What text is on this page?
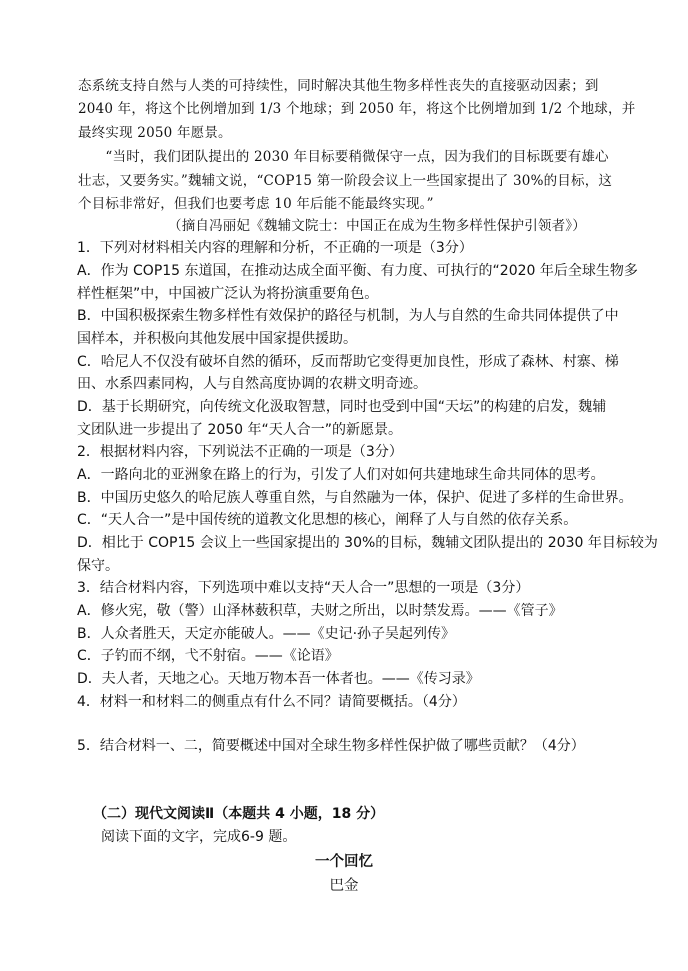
态系统支持自然与人类的可持续性，同时解决其他生物多样性丧失的直接驱动因素；到
2040 年，将这个比例增加到 1/3 个地球；到 2050 年，将这个比例增加到 1/2 个地球，并
最终实现 2050 年愿景。
　　“当时，我们团队提出的 2030 年目标要稍微保守一点，因为我们的目标既要有雄心
壮志，又要务实。”魏辅文说，“COP15 第一阶段会议上一些国家提出了 30%的目标，这
个目标非常好，但我们也要考虑 10 年后能不能最终实现。”
（摘自冯丽妃《魏辅文院士：中国正在成为生物多样性保护引领者》）
1．下列对材料相关内容的理解和分析，不正确的一项是（3分）
A．作为 COP15 东道国，在推动达成全面平衡、有力度、可执行的“2020 年后全球生物多
样性框架”中，中国被广泛认为将扮演重要角色。
B．中国积极探索生物多样性有效保护的路径与机制，为人与自然的生命共同体提供了中
国样本，并积极向其他发展中国家提供援助。
C．哈尼人不仅没有破坏自然的循环，反而帮助它变得更加良性，形成了森林、村寨、梯
田、水系四素同构，人与自然高度协调的农耕文明奇迹。
D．基于长期研究，向传统文化汲取智慧，同时也受到中国“天坛”的构建的启发，魏辅
文团队进一步提出了 2050 年“天人合一”的新愿景。
2．根据材料内容，下列说法不正确的一项是（3分）
A．一路向北的亚洲象在路上的行为，引发了人们对如何共建地球生命共同体的思考。
B．中国历史悠久的哈尼族人尊重自然，与自然融为一体，保护、促进了多样的生命世界。
C．“天人合一”是中国传统的道教文化思想的核心，阐释了人与自然的依存关系。
D．相比于 COP15 会议上一些国家提出的 30%的目标，魏辅文团队提出的 2030 年目标较为
保守。
3．结合材料内容，下列选项中难以支持“天人合一”思想的一项是（3分）
A．修火宪，敬（警）山泽林薮积草，夫财之所出，以时禁发焉。——《管子》
B．人众者胜天，天定亦能破人。——《史记·孙子吴起列传》
C．子钓而不纲，弋不射宿。——《论语》
D．夫人者，天地之心。天地万物本吾一体者也。——《传习录》
4．材料一和材料二的侧重点有什么不同？请简要概括。（4分）
5．结合材料一、二，简要概述中国对全球生物多样性保护做了哪些贡献？（4分）
（二）现代文阅读Ⅱ（本题共 4 小题，18 分）
阅读下面的文字，完成6-9 题。
一个回忆
巴金
